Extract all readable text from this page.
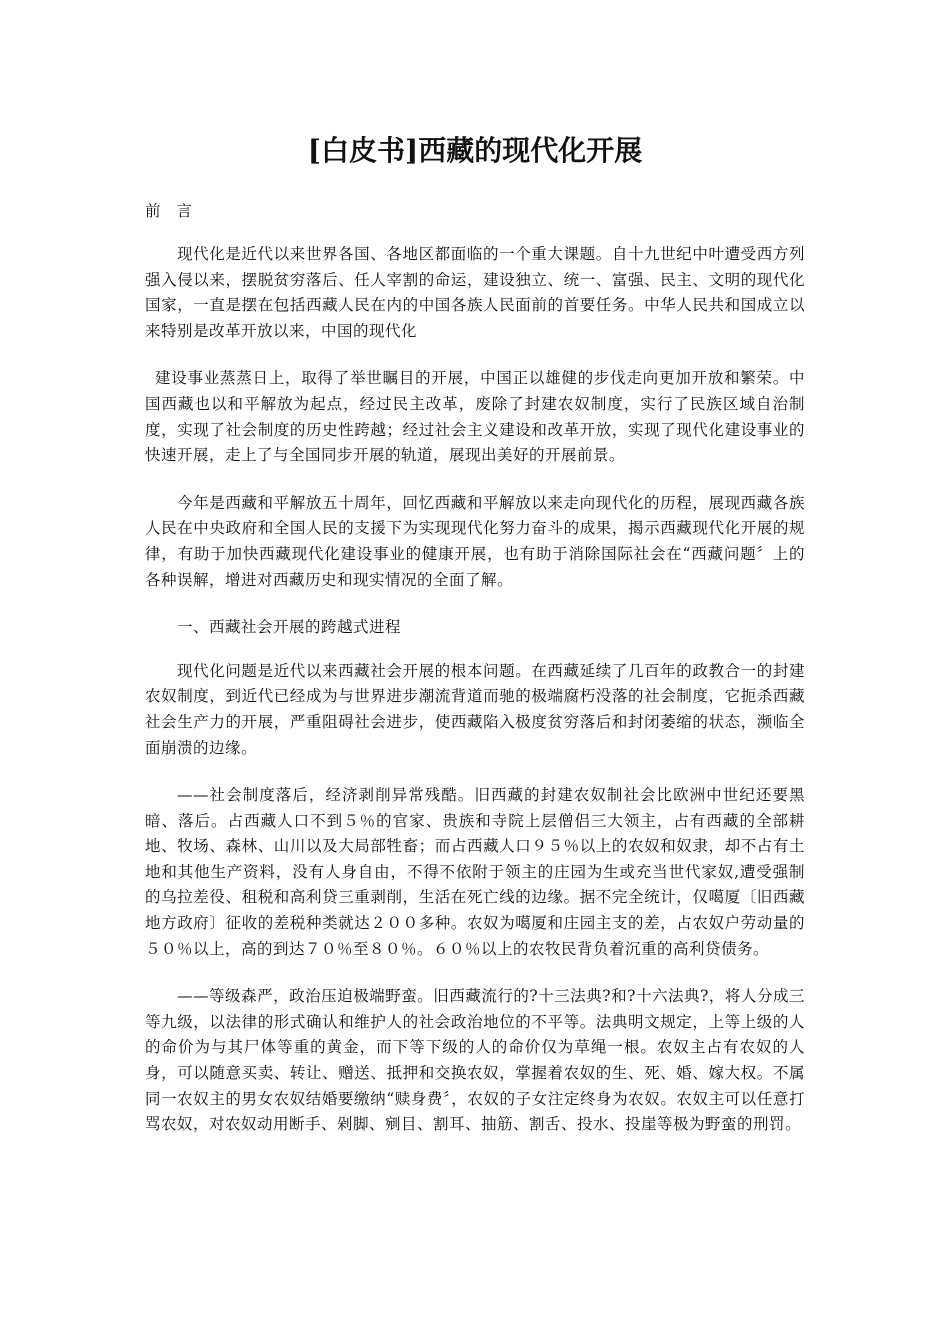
[白皮书]西藏的现代化开展

前言

现代化是近代以来世界各国、各地区都面临的一个重大课题。自十九世纪中叶遭受西方列强入侵以来，摆脱贫穷落后、任人宰割的命运，建设独立、统一、富强、民主、文明的现代化国家，一直是摆在包括西藏人民在内的中国各族人民面前的首要任务。中华人民共和国成立以来特别是改革开放以来，中国的现代化

建设事业蒸蒸日上，取得了举世瞩目的开展，中国正以雄健的步伐走向更加开放和繁荣。中国西藏也以和平解放为起点，经过民主改革，废除了封建农奴制度，实行了民族区域自治制度，实现了社会制度的历史性跨越；经过社会主义建设和改革开放，实现了现代化建设事业的快速开展，走上了与全国同步开展的轨道，展现出美好的开展前景。

今年是西藏和平解放五十周年，回忆西藏和平解放以来走向现代化的历程，展现西藏各族人民在中央政府和全国人民的支援下为实现现代化努力奋斗的成果，揭示西藏现代化开展的规律，有助于加快西藏现代化建设事业的健康开展，也有助于消除国际社会在“西藏问题〞上的各种误解，增进对西藏历史和现实情况的全面了解。

一、西藏社会开展的跨越式进程

现代化问题是近代以来西藏社会开展的根本问题。在西藏延续了几百年的政教合一的封建农奴制度，到近代已经成为与世界进步潮流背道而驰的极端腐朽没落的社会制度，它扼杀西藏社会生产力的开展，严重阻碍社会进步，使西藏陷入极度贫穷落后和封闭萎缩的状态，濒临全面崩溃的边缘。

——社会制度落后，经济剥削异常残酷。旧西藏的封建农奴制社会比欧洲中世纪还要黑暗、落后。占西藏人口不到５％的官家、贵族和寺院上层僧侣三大领主，占有西藏的全部耕地、牧场、森林、山川以及大局部牲畜；而占西藏人口９５％以上的农奴和奴隶，却不占有土地和其他生产资料，没有人身自由，不得不依附于领主的庄园为生或充当世代家奴,遭受强制的乌拉差役、租税和高利贷三重剥削，生活在死亡线的边缘。据不完全统计，仅噶厦〔旧西藏地方政府〕征收的差税种类就达２００多种。农奴为噶厦和庄园主支的差，占农奴户劳动量的５０％以上，高的到达７０％至８０％。６０％以上的农牧民背负着沉重的高利贷债务。

——等级森严，政治压迫极端野蛮。旧西藏流行的?十三法典?和?十六法典?，将人分成三等九级，以法律的形式确认和维护人的社会政治地位的不平等。法典明文规定，上等上级的人的命价为与其尸体等重的黄金，而下等下级的人的命价仅为草绳一根。农奴主占有农奴的人身，可以随意买卖、转让、赠送、抵押和交换农奴，掌握着农奴的生、死、婚、嫁大权。不属同一农奴主的男女农奴结婚要缴纳“赎身费〞，农奴的子女注定终身为农奴。农奴主可以任意打骂农奴，对农奴动用断手、剁脚、剜目、割耳、抽筋、割舌、投水、投崖等极为野蛮的刑罚。
